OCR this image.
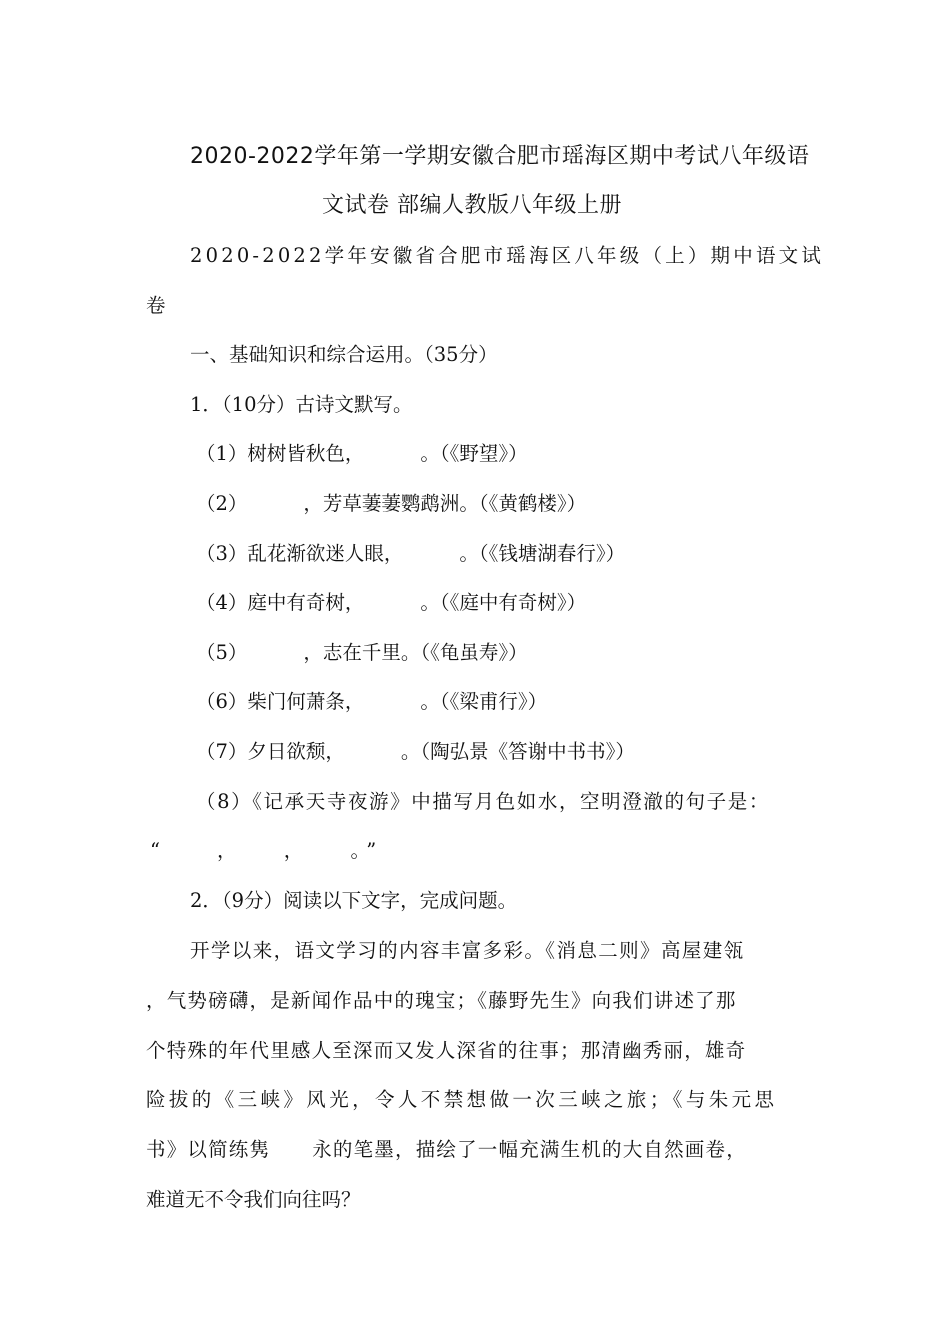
2020-2022学年第一学期安徽合肥市瑶海区期中考试八年级语
文试卷 部编人教版八年级上册
2020-2022学年安徽省合肥市瑶海区八年级（上）期中语文试
卷
一、基础知识和综合运用。（35分）
1．（10分）古诗文默写。
（1）树树皆秋色，	。（《野望》）
（2）	，芳草萋萋鹦鹉洲。（《黄鹤楼》）
（3）乱花渐欲迷人眼，	。（《钱塘湖春行》）
（4）庭中有奇树，	。（《庭中有奇树》）
（5）	，志在千里。（《龟虽寿》）
（6）柴门何萧条，	。（《梁甫行》）
（7）夕日欲颓，	。（陶弘景《答谢中书书》）
（8）《记承天寺夜游》中描写月色如水，空明澄澈的句子是：
“　　，　　，　　。”
2．（9分）阅读以下文字，完成问题。
开学以来，语文学习的内容丰富多彩。《消息二则》高屋建瓴
，气势磅礴，是新闻作品中的瑰宝；《藤野先生》向我们讲述了那
个特殊的年代里感人至深而又发人深省的往事；那清幽秀丽，雄奇
险拔的《三峡》风光，令人不禁想做一次三峡之旅；《与朱元思
书》以简练隽 永的笔墨，描绘了一幅充满生机的大自然画卷，
难道无不令我们向往吗？
